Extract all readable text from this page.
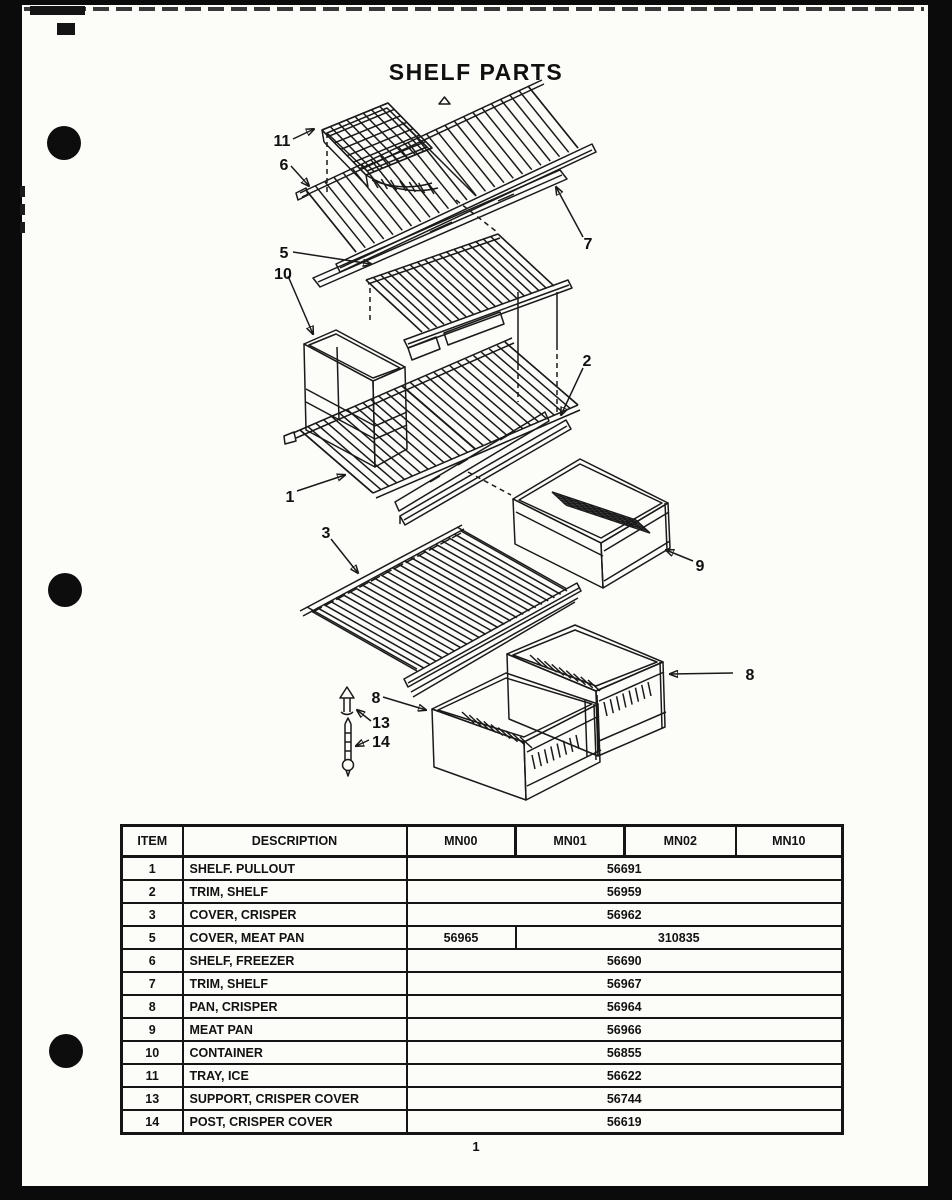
SHELF PARTS
11
6
7
5
10
2
1
3
9
8
8
13
14
ITEM	DESCRIPTION	MN00	MN01	MN02	MN10
1	SHELF. PULLOUT	56691			
2	TRIM, SHELF	56959			
3	COVER, CRISPER	56962			
5	COVER, MEAT PAN	56965	310835		
6	SHELF, FREEZER	56690			
7	TRIM, SHELF	56967			
8	PAN, CRISPER	56964			
9	MEAT PAN	56966			
10	CONTAINER	56855			
11	TRAY, ICE	56622			
13	SUPPORT, CRISPER COVER	56744			
14	POST, CRISPER COVER	56619			
1
